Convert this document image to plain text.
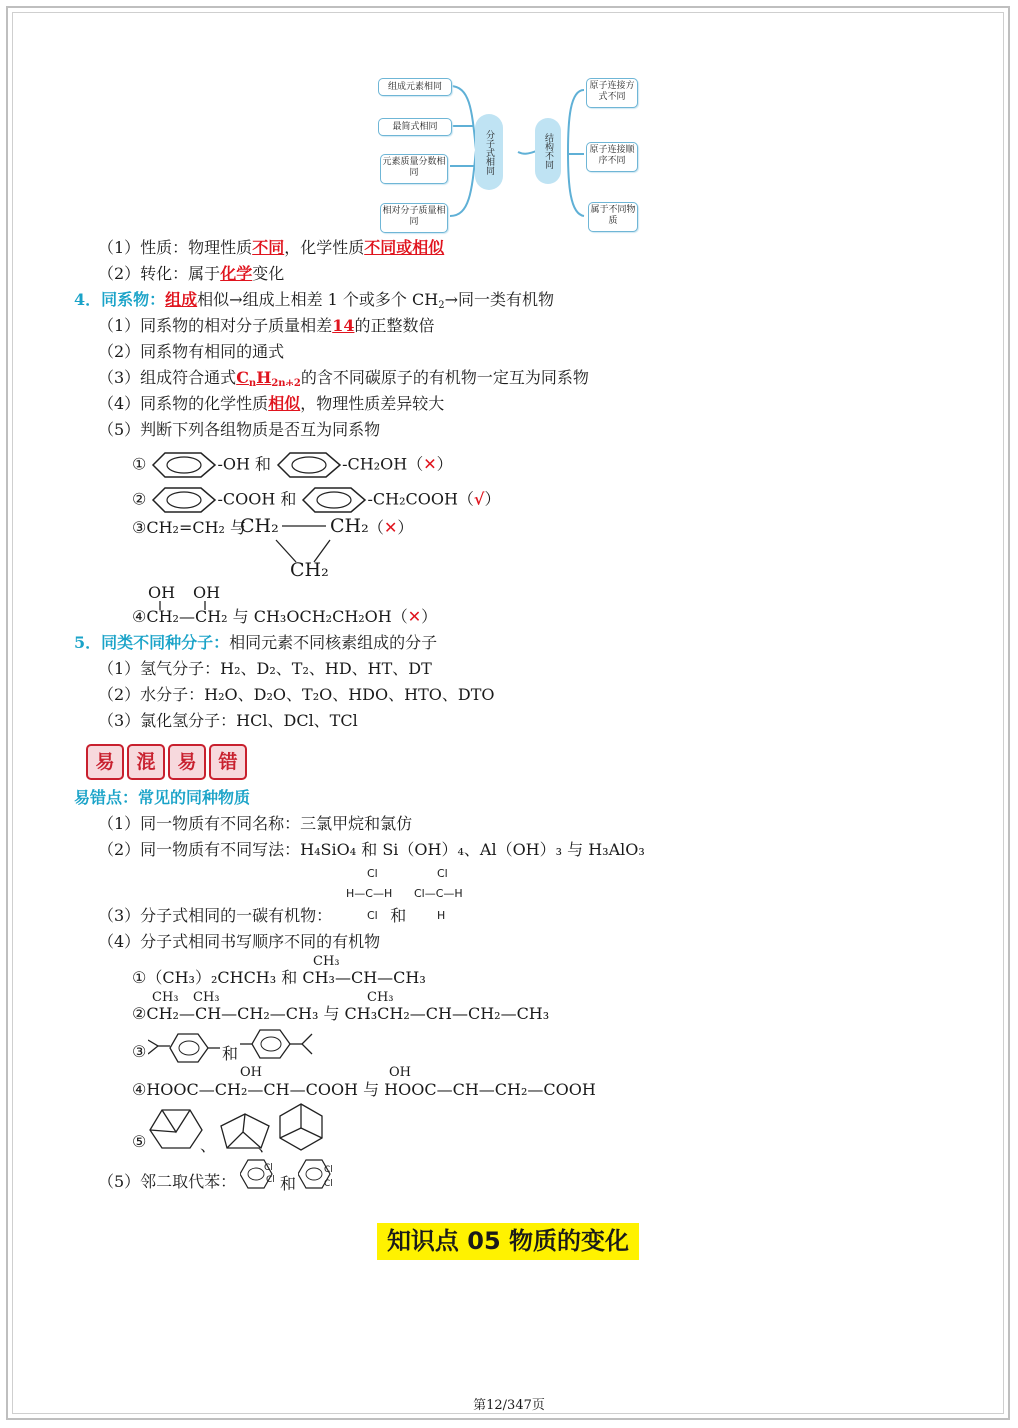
组成元素相同
最简式相同
元素质量分数相同
相对分子质量相同
分子式相同	结构不同
原子连接方式不同
原子连接顺序不同
属于不同物质
（1）性质：物理性质不同，化学性质不同或相似
（2）转化：属于化学变化
4．同系物：组成相似→组成上相差 1 个或多个 $CH_2\to$同一类有机物
（1）同系物的相对分子质量相差14的正整数倍
（2）同系物有相同的通式
（3）组成符合通式$C_nH_{2n+2}$的含不同碳原子的有机物一定互为同系物
（4）同系物的化学性质相似，物理性质差异较大
（5）判断下列各组物质是否互为同系物
①	-OH 和	-CH₂OH（✕）
②	-COOH 和	-CH₂COOH（√）
③CH₂=CH₂ 与
CH₂	CH₂
CH₂
（✕）
OH OH
④CH₂—CH₂ 与 CH₃OCH₂CH₂OH（✕）
5．同类不同种分子：相同元素不同核素组成的分子
（1）氢气分子：H₂、D₂、T₂、HD、HT、DT
（2）水分子：H₂O、D₂O、T₂O、HDO、HTO、DTO
（3）氯化氢分子：HCl、DCl、TCl
易	混	易	错
易错点：常见的同种物质
（1）同一物质有不同名称：三氯甲烷和氯仿
（2）同一物质有不同写法：H₄SiO₄ 和 Si（OH）₄、Al（OH）₃ 与 H₃AlO₃
Cl
H—C—H
Cl
Cl
Cl—C—H
H
（3）分子式相同的一碳有机物：	和
（4）分子式相同书写顺序不同的有机物
CH₃
①（CH₃）₂CHCH₃ 和 CH₃—CH—CH₃
CH₃ CH₃	CH₃
②CH₂—CH—CH₂—CH₃ 与 CH₃CH₂—CH—CH₂—CH₃
③	和
OH	OH
④HOOC—CH₂—CH—COOH 与 HOOC—CH—CH₂—COOH
⑤	、	、
（5）邻二取代苯：
Cl
Cl 和
Cl
Cl
知识点 05 物质的变化
第12/347页
